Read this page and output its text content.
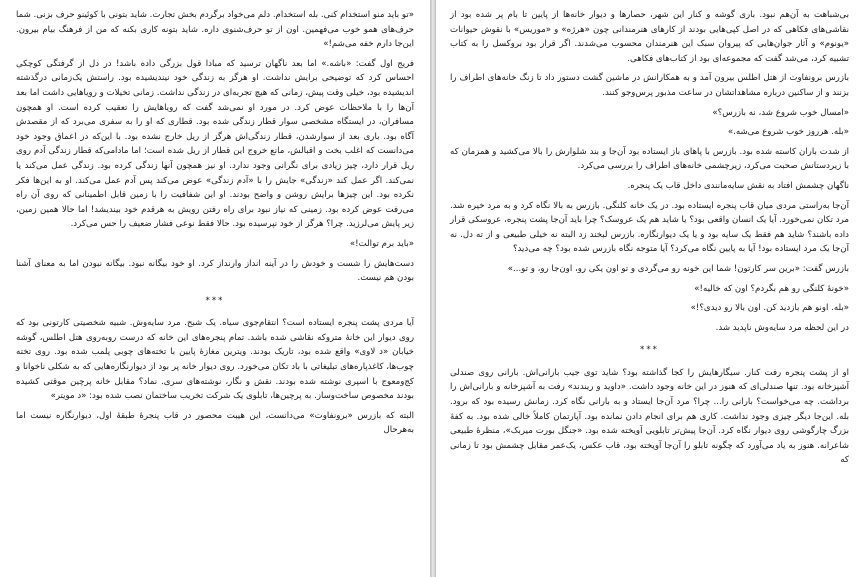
«تو باید منو استخدام کنی. بله استخدام. دلم می‌خواد برگردم بخش تجارت. شاید بتونی با کوئینو حرف بزنی. شما حرف‌های همو خوب می‌فهمین. اون از تو حرف‌شنوی داره. شاید بتونه کاری بکنه که من از فرهنگ بیام بیرون. این‌جا دارم خفه می‌شم!»

فریج اول گفت: «باشه.» اما بعد ناگهان ترسید که مبادا قول بزرگی داده باشد! در دل از گرفتگی کوچکی احساس کرد که توضیحی برایش نداشت. او هرگز به زندگی خود نیندیشیده بود. راستش یک‌زمانی درگذشته اندیشیده بود، خیلی وقت پیش، زمانی که هیچ تجربه‌ای در زندگی نداشت. زمانی تخیلات و رویاهایی داشت اما بعد آن‌ها را با ملاحظات عوض کرد. در مورد او نمی‌شد گفت که رویاهایش را تعقیب کرده است. او همچون مسافران، در ایستگاه مشخصی سوار قطار زندگی شده بود. قطاری که او را به سفری می‌برد که از مقصدش آگاه بود. باری بعد از سوارشدن، قطار زندگی‌اش هرگز از ریل خارج نشده بود. با این‌که در اعماق وجود خود می‌دانست که اغلب بخت و اقبالش، مانع خروج این قطار از ریل شده است؛ اما مادامی‌که قطار زندگی آدم روی ریل قرار دارد، چیز زیادی برای نگرانی وجود ندارد. او نیز همچون آنها زندگی کرده بود. زندگی عمل می‌کند یا نمی‌کند. اگر عمل کند «زندگی» جایش را با «آدم زندگی» عوض می‌کند پس آدم عمل می‌کند. او به این‌ها فکر نکرده بود. این چیزها برایش روشن و واضح بودند. او این شفافیت را با زمین قابل اطمینانی که روی آن راه می‌رفت عوض کرده بود. زمینی که نیاز نبود برای راه رفتن رویش به هرقدم خود بیندیشد! اما حالا همین زمین، زیر پایش می‌لرزید. چرا؟ هرگز از خود نپرسیده بود. حالا فقط نوعی فشار ضعیف را حس می‌کرد.

«باید برم توالت!»

دست‌هایش را شست و خودش را در آینه انداز وارنداز کرد. او خود بیگانه نبود. بیگانه نبودن اما به معنای آشنا بودن هم نیست.

***

آیا مردی پشت پنجره ایستاده است؟ انتقام‌جوی سیاه. یک شبح. مرد سایه‌وش. شبیه شخصیتی کارتونی بود که روی دیوار این خانهٔ متروکه نقاشی شده باشد. تمام پنجره‌های این خانه که درست روبه‌روی هتل اطلس، گوشه خیابان «د لاوی» واقع شده بود، تاریک بودند. ویترین مغازهٔ پایین با تخته‌های چوبی پلمب شده بود. روی تخته چوب‌ها، کاغذپاره‌های تبلیغاتی با باد تکان می‌خورد. روی دیوار خانه پر بود از دیوارنگاره‌هایی که به شکلی ناخوانا و کج‌ومعوج با اسپری نوشته شده بودند. نقش و نگار، نوشته‌های سری. نماد؟ مقابل خانه پرچین موقتی کشیده بودند مخصوص ساخت‌وساز. به پرچین‌ها، تابلوی یک شرکت تخریب ساختمان نصب شده بود: «د مویتر»

البته که بازرس «برونفاوت» می‌دانست، این هیبت محصور در قاب پنجرهٔ طبقهٔ اول، دیوارنگاره نیست اما به‌هرحال

بی‌شباهت به آن‌هم نبود. باری گوشه و کنار این شهر، حصارها و دیوار خانه‌ها از پایین تا بام پر شده بود از نقاشی‌های فکاهی که در اصل کپی‌هایی بودند از کارهای هنرمندانی چون «هرژه» و «موریس» با نقوش حیوانات «یونوم» و آثار جوان‌هایی که پیروان سبک این هنرمندان محسوب می‌شدند. اگر قرار بود بروکسل را به کتاب تشبیه کرد، می‌شد گفت که مجموعه‌ای بود از کتاب‌های فکاهی.

بازرس برونفاوت از هتل اطلس بیرون آمد و به همکارانش در ماشین گشت دستور داد تا زنگ خانه‌های اطراف را بزنند و از ساکنین درباره مشاهداتشان در ساعت مذبور پرس‌وجو کنند.

«امسال خوب شروع شد، نه بازرس؟»

«بله. هرروز خوب شروع می‌شه.»

از شدت باران کاسته شده بود. بازرس با پاهای باز ایستاده بود آن‌جا و بند شلوارش را بالا می‌کشید و همزمان که با زیردستانش صحبت می‌کرد، زیرچشمی خانه‌های اطراف را بررسی می‌کرد.

ناگهان چشمش افتاد به نقش سایه‌مانندی داخل قاب یک پنجره.

آن‌جا به‌راستی مردی میان قاب پنجره ایستاده بود. در یک خانه کلنگی. بازرس به بالا نگاه کرد و به مرد خیره شد. مرد تکان نمی‌خورد. آیا یک انسان واقعی بود؟ یا شاید هم یک عروسک؟ چرا باید آن‌جا پشت پنجره، عروسکی قرار داده باشند؟ شاید هم فقط یک سایه بود و یا یک دیوارنگاره. بازرس لبخند زد البته نه خیلی طبیعی و از ته دل. نه آن‌جا یک مرد ایستاده بود! آیا به پایین نگاه می‌کرد؟ آیا متوجه نگاه بازرس شده بود؟ چه می‌دید؟

بازرس گفت: «برین سر کارتون! شما این خونه رو می‌گردی و تو اون یکی رو، اون‌جا رو، و تو...»

«خونهٔ کلنگی رو هم بگردم؟ اون که خالیه!»

«بله. اونو هم بازدید کن. اون بالا رو دیدی؟!»

در این لحظه مرد سایه‌وش ناپدید شد.

***

او از پشت پنجره رفت کنار. سیگارهایش را کجا گذاشته بود؟ شاید توی جیب بارانی‌اش. بارانی روی صندلی آشپزخانه بود. تنها صندلی‌ای که هنوز در این خانه وجود داشت. «داوید و ریندند» رفت به آشپزخانه و بارانی‌اش را برداشت. چه می‌خواست؟ بارانی را... چرا؟ مرد آن‌جا ایستاد و به بارانی نگاه کرد. زمانش رسیده بود که برود. بله. این‌جا دیگر چیزی وجود نداشت. کاری هم برای انجام دادن نمانده بود. آپارتمان کاملاً خالی شده بود. به کفهٔ بزرگ چارگوشی روی دیوار نگاه کرد. آن‌جا پیش‌تر تابلویی آویخته شده بود. «جنگل بورت میربک»، منظرهٔ طبیعی شاعرانه. هنوز به یاد می‌آورد که چگونه تابلو را آن‌جا آویخته بود، قاب عکس، یک‌عمر مقابل چشمش بود تا زمانی که
